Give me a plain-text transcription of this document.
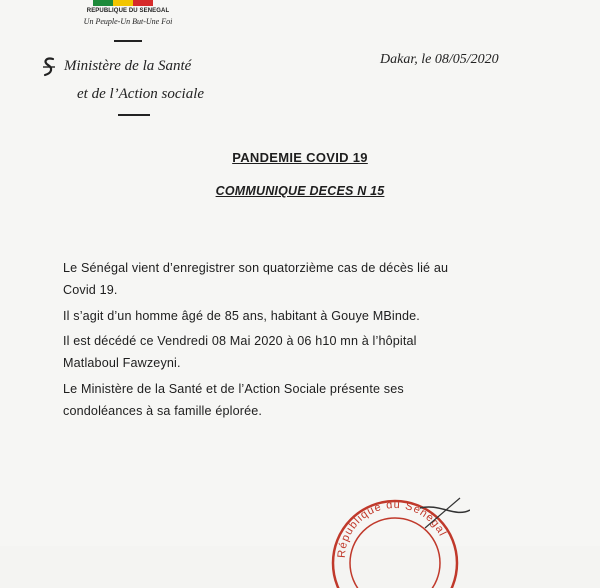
REPUBLIQUE DU SENEGAL
Un Peuple-Un But-Une Foi
Ministère de la Santé
et de l’Action sociale
Dakar, le 08/05/2020
PANDEMIE COVID 19
COMMUNIQUE DECES N 15
Le Sénégal vient d’enregistrer son quatorzième cas de décès lié au
Covid 19.
Il s’agit d’un homme âgé de 85 ans, habitant à Gouye MBinde.
Il est décédé ce Vendredi 08 Mai 2020 à 06 h10 mn à l’hôpital
Matlaboul Fawzeyni.
Le Ministère de la Santé et de l’Action Sociale présente ses
condoléances à sa famille éplorée.
République du Sénégal
